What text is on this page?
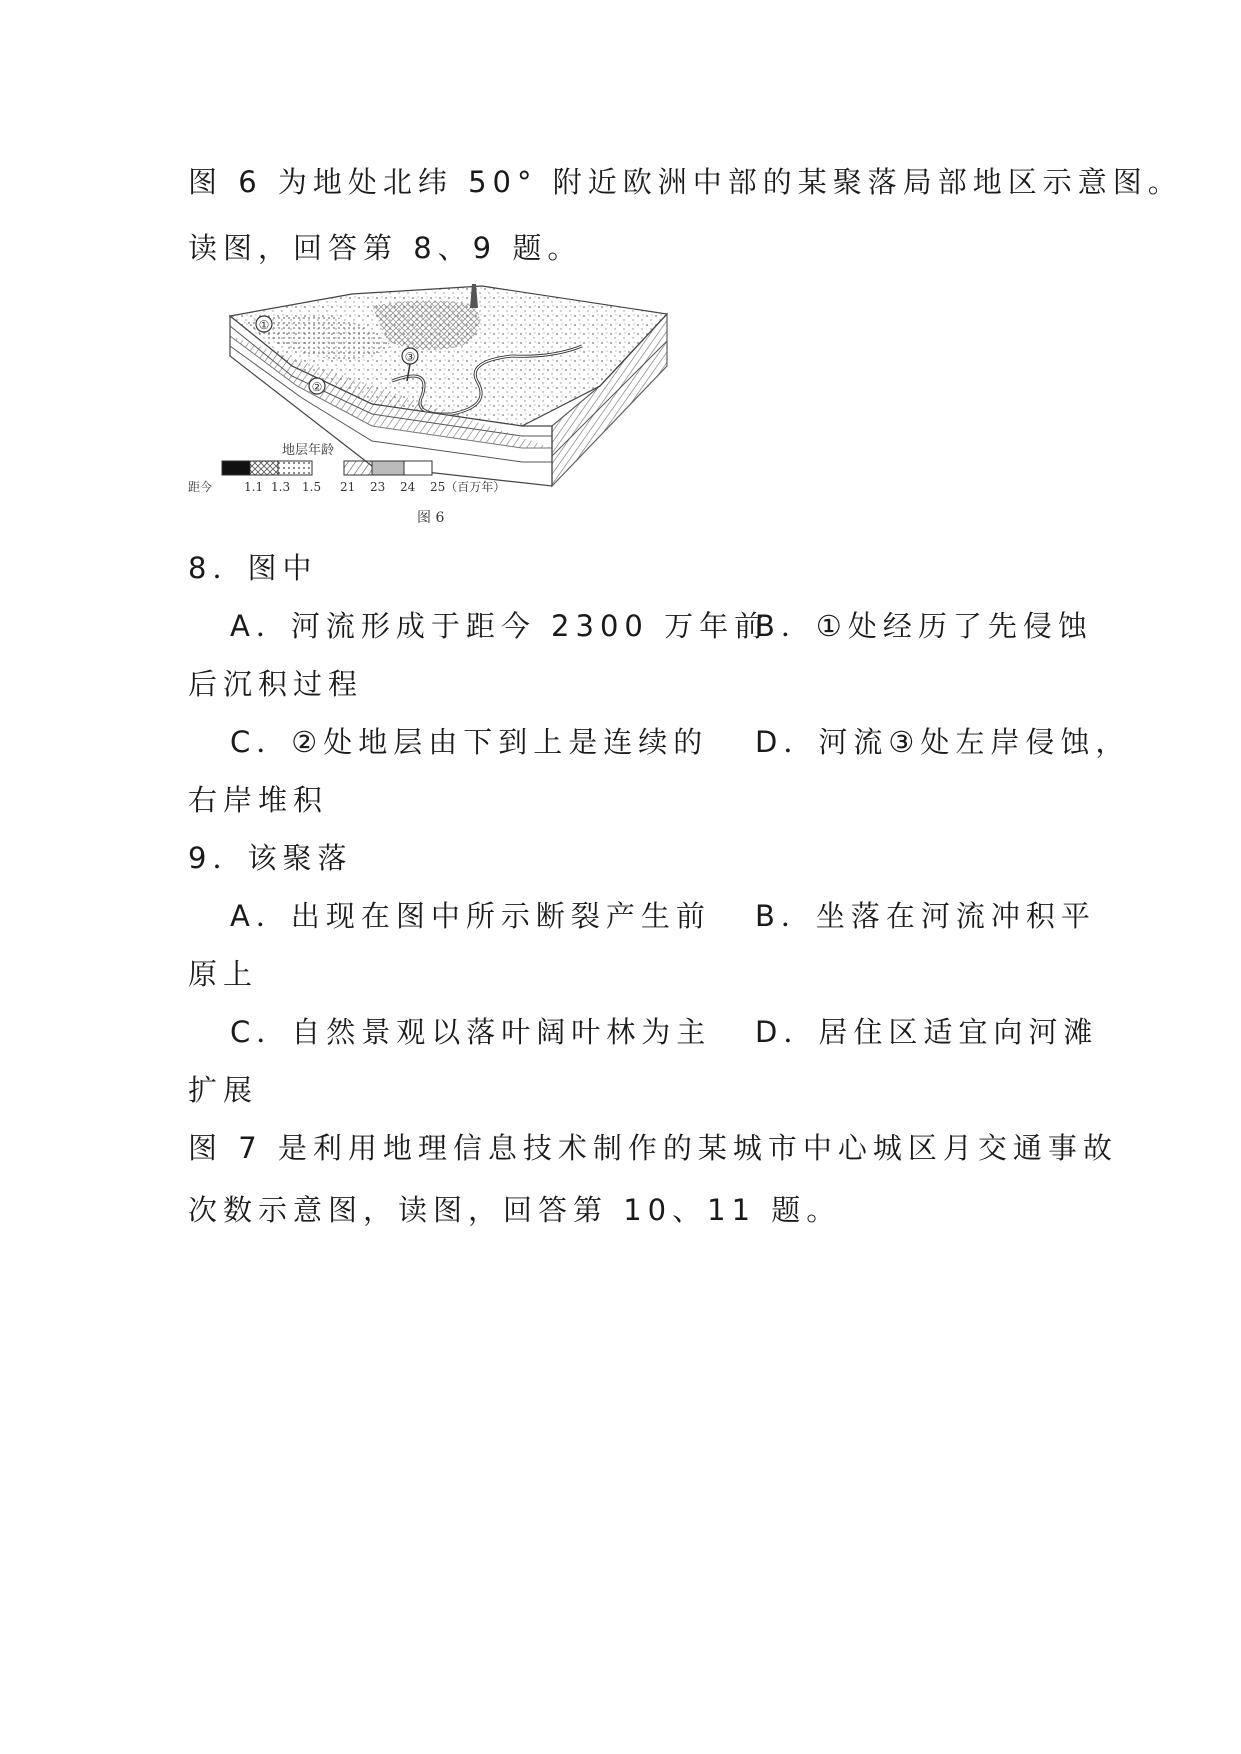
图 6 为地处北纬 50° 附近欧洲中部的某聚落局部地区示意图。
读图，回答第 8、9 题。
①
②
③
地层年龄
距今	1.1 1.3 1.5 21 23 24 25（百万年）
图 6
8．图中
A．河流形成于距今 2300 万年前
B．①处经历了先侵蚀
后沉积过程
C．②处地层由下到上是连续的 D．河流③处左岸侵蚀，
右岸堆积
9．该聚落
A．出现在图中所示断裂产生前 B．坐落在河流冲积平
原上
C．自然景观以落叶阔叶林为主 D．居住区适宜向河滩
扩展
图 7 是利用地理信息技术制作的某城市中心城区月交通事故
次数示意图，读图，回答第 10、11 题。
